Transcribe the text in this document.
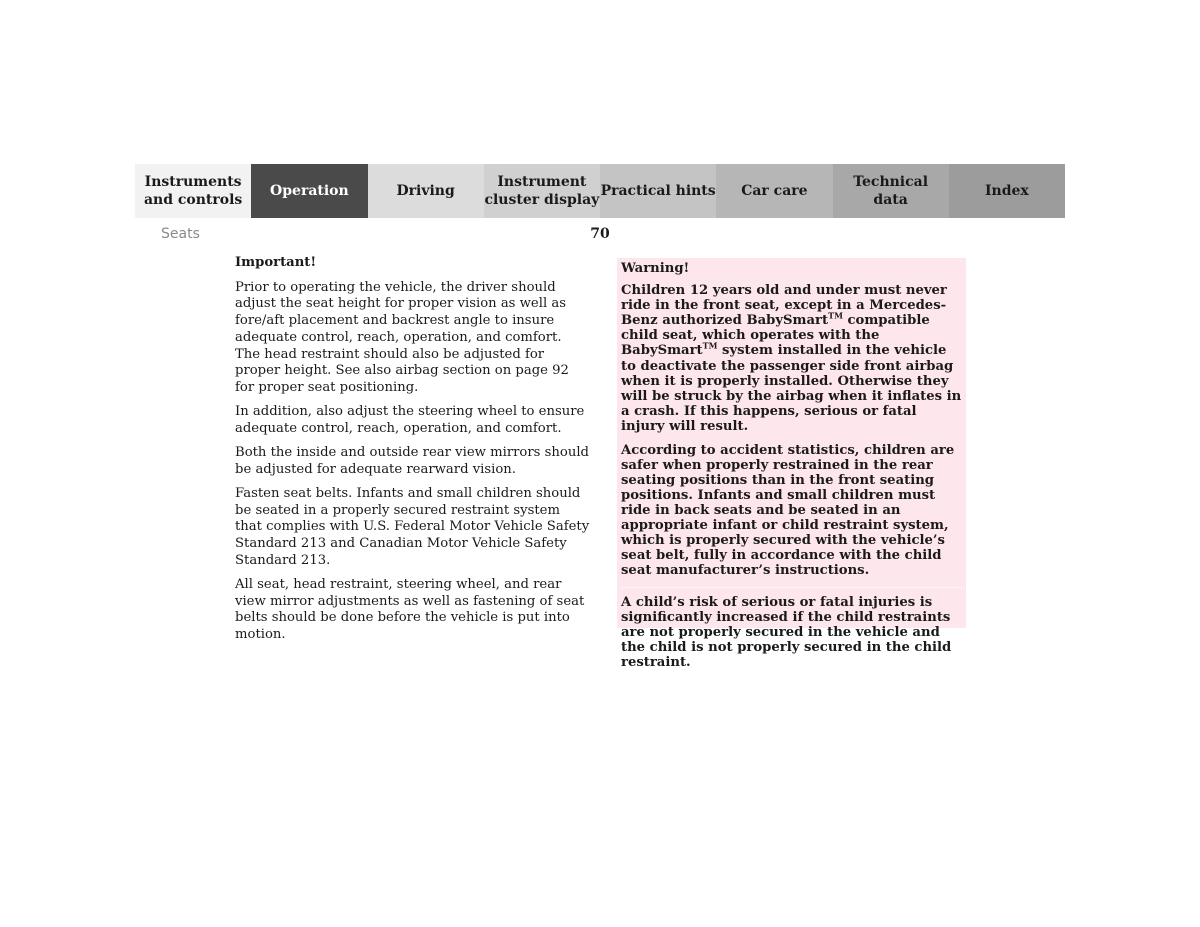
Instruments
and controls
Operation	Driving
Instrument
cluster display
Practical hints	Car care
Technical
data
Index
Seats	70

Important!

Prior to operating the vehicle, the driver should adjust the seat height for proper vision as well as fore/aft placement and backrest angle to insure adequate control, reach, operation, and comfort. The head restraint should also be adjusted for proper height. See also airbag section on page 92 for proper seat positioning.

In addition, also adjust the steering wheel to ensure adequate control, reach, operation, and comfort.

Both the inside and outside rear view mirrors should be adjusted for adequate rearward vision.

Fasten seat belts. Infants and small children should be seated in a properly secured restraint system that complies with U.S. Federal Motor Vehicle Safety Standard 213 and Canadian Motor Vehicle Safety Standard 213.

All seat, head restraint, steering wheel, and rear view mirror adjustments as well as fastening of seat belts should be done before the vehicle is put into motion.

Warning!

Children 12 years old and under must never ride in the front seat, except in a Mercedes-Benz authorized BabySmart™ compatible child seat, which operates with the BabySmart™ system installed in the vehicle to deactivate the passenger side front airbag when it is properly installed. Otherwise they will be struck by the airbag when it inflates in a crash. If this happens, serious or fatal injury will result.

According to accident statistics, children are safer when properly restrained in the rear seating positions than in the front seating positions. Infants and small children must ride in back seats and be seated in an appropriate infant or child restraint system, which is properly secured with the vehicle’s seat belt, fully in accordance with the child seat manufacturer’s instructions.

A child’s risk of serious or fatal injuries is significantly increased if the child restraints are not properly secured in the vehicle and the child is not properly secured in the child restraint.
